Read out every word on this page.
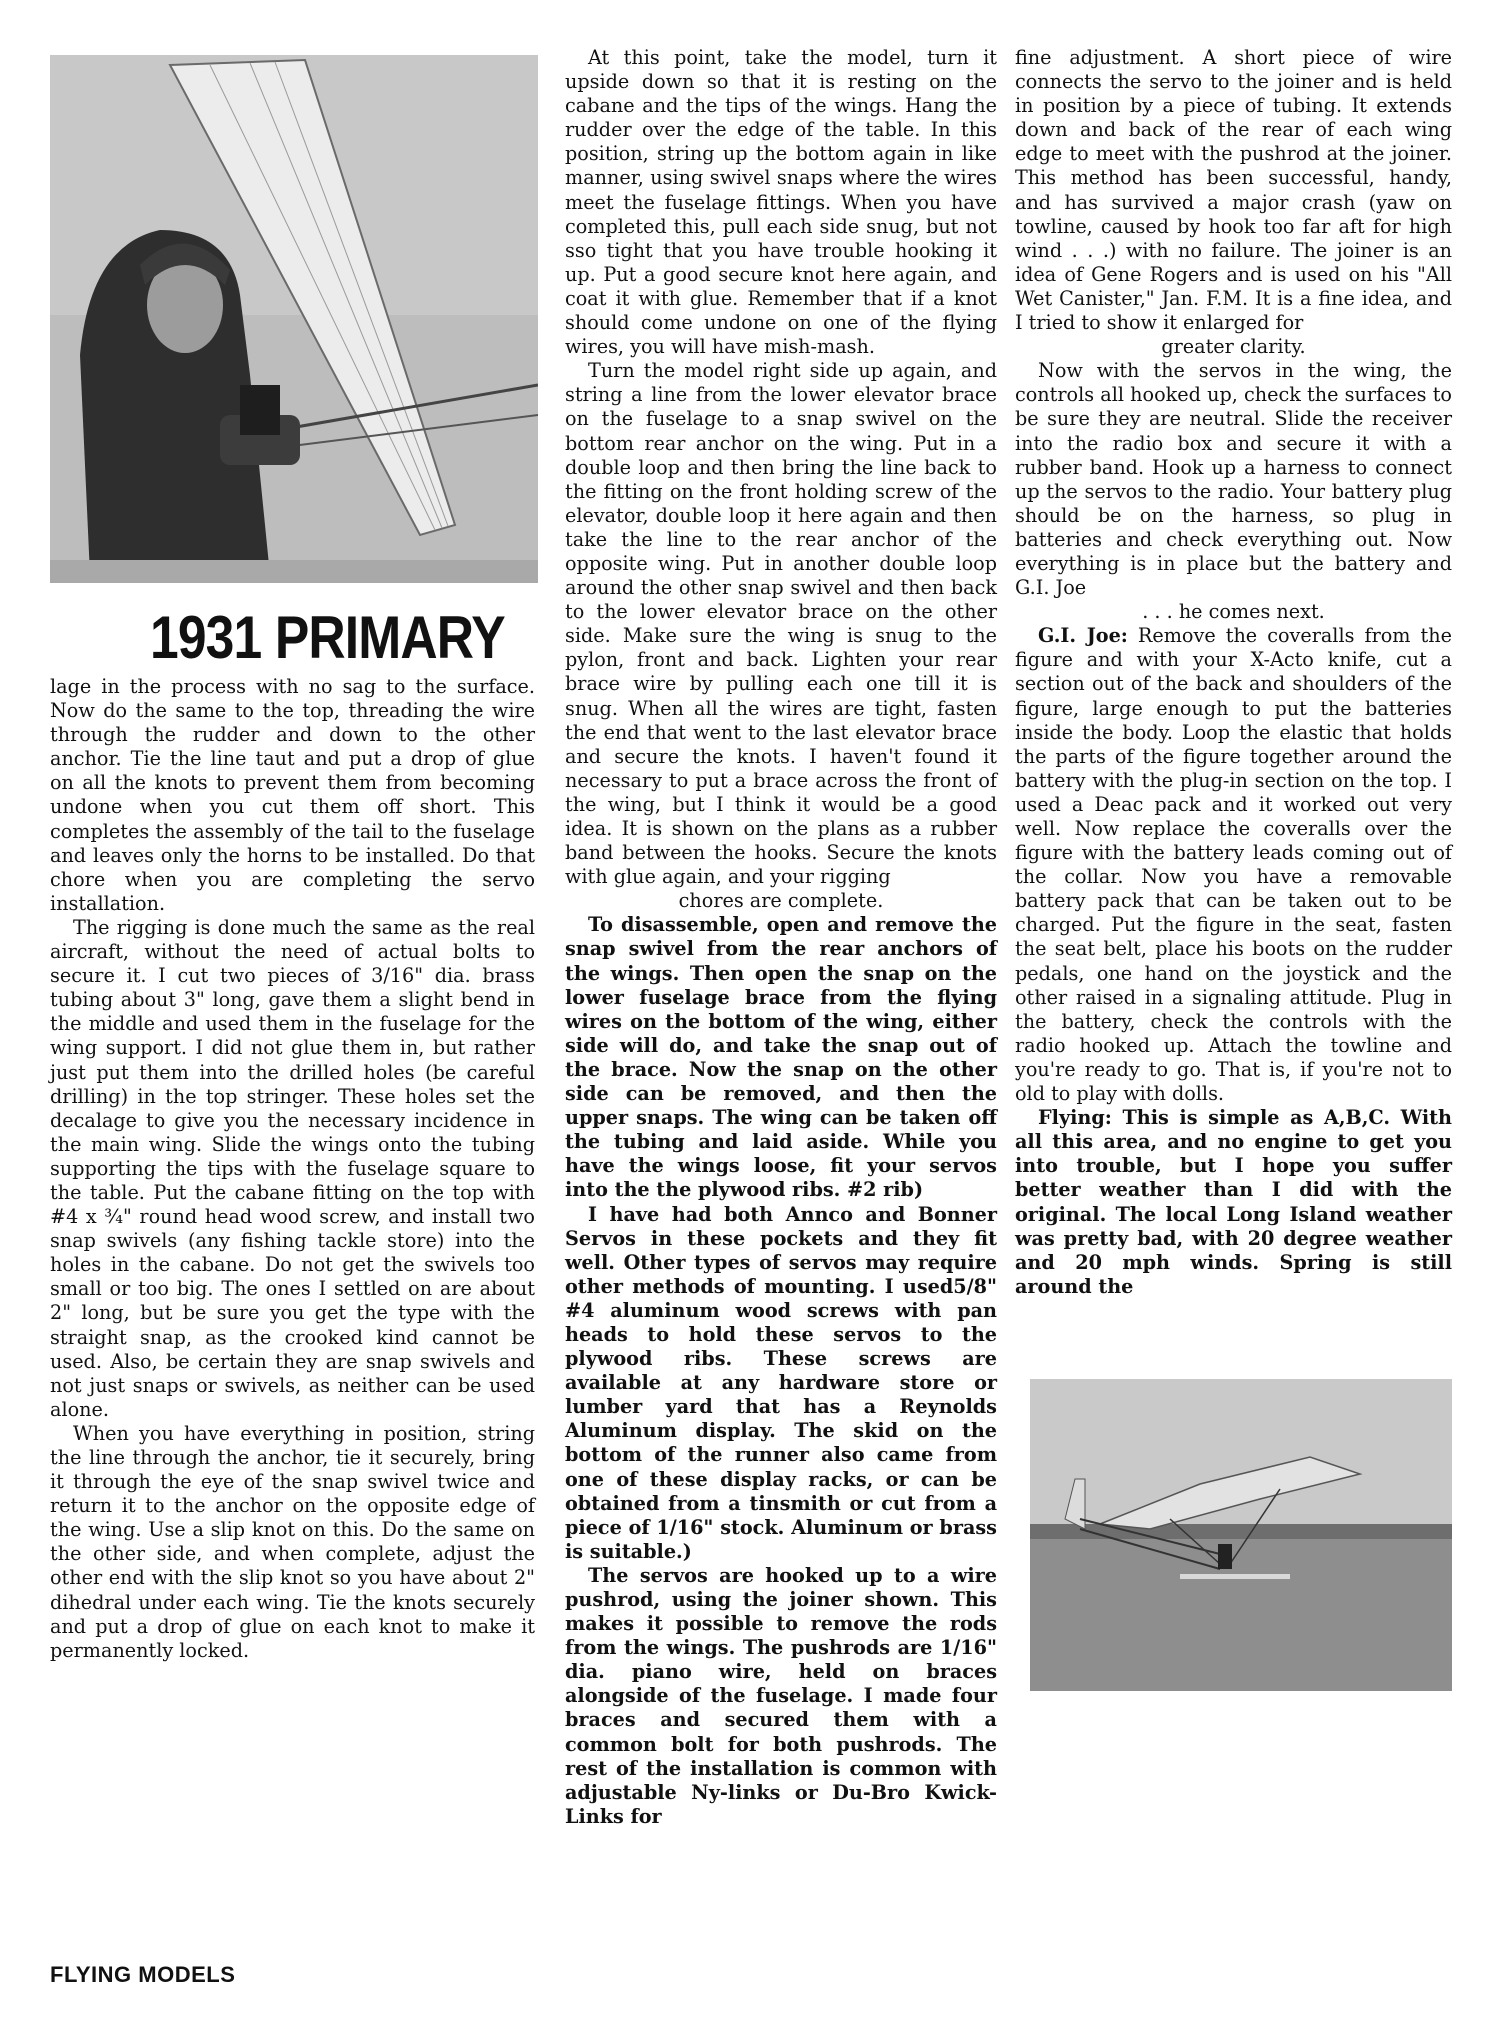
1931 PRIMARY

lage in the process with no sag to the surface. Now do the same to the top, threading the wire through the rudder and down to the other anchor. Tie the line taut and put a drop of glue on all the knots to prevent them from becoming undone when you cut them off short. This completes the assembly of the tail to the fuselage and leaves only the horns to be installed. Do that chore when you are completing the servo installation.

The rigging is done much the same as the real aircraft, without the need of actual bolts to secure it. I cut two pieces of 3/16" dia. brass tubing about 3" long, gave them a slight bend in the middle and used them in the fuselage for the wing support. I did not glue them in, but rather just put them into the drilled holes (be careful drilling) in the top stringer. These holes set the decalage to give you the necessary incidence in the main wing. Slide the wings onto the tubing supporting the tips with the fuselage square to the table. Put the cabane fitting on the top with #4 x ¾" round head wood screw, and install two snap swivels (any fishing tackle store) into the holes in the cabane. Do not get the swivels too small or too big. The ones I settled on are about 2" long, but be sure you get the type with the straight snap, as the crooked kind cannot be used. Also, be certain they are snap swivels and not just snaps or swivels, as neither can be used alone.

When you have everything in position, string the line through the anchor, tie it securely, bring it through the eye of the snap swivel twice and return it to the anchor on the opposite edge of the wing. Use a slip knot on this. Do the same on the other side, and when complete, adjust the other end with the slip knot so you have about 2" dihedral under each wing. Tie the knots securely and put a drop of glue on each knot to make it permanently locked.

At this point, take the model, turn it upside down so that it is resting on the cabane and the tips of the wings. Hang the rudder over the edge of the table. In this position, string up the bottom again in like manner, using swivel snaps where the wires meet the fuselage fittings. When you have completed this, pull each side snug, but not sso tight that you have trouble hooking it up. Put a good secure knot here again, and coat it with glue. Remember that if a knot should come undone on one of the flying wires, you will have mish-mash.

Turn the model right side up again, and string a line from the lower elevator brace on the fuselage to a snap swivel on the bottom rear anchor on the wing. Put in a double loop and then bring the line back to the fitting on the front holding screw of the elevator, double loop it here again and then take the line to the rear anchor of the opposite wing. Put in another double loop around the other snap swivel and then back to the lower elevator brace on the other side. Make sure the wing is snug to the pylon, front and back. Lighten your rear brace wire by pulling each one till it is snug. When all the wires are tight, fasten the end that went to the last elevator brace and secure the knots. I haven't found it necessary to put a brace across the front of the wing, but I think it would be a good idea. It is shown on the plans as a rubber band between the hooks. Secure the knots with glue again, and your rigging

chores are complete.

To disassemble, open and remove the snap swivel from the rear anchors of the wings. Then open the snap on the lower fuselage brace from the flying wires on the bottom of the wing, either side will do, and take the snap out of the brace. Now the snap on the other side can be removed, and then the upper snaps. The wing can be taken off the tubing and laid aside. While you have the wings loose, fit your servos into the the plywood ribs. #2 rib)

I have had both Annco and Bonner Servos in these pockets and they fit well. Other types of servos may require other methods of mounting. I used5/8" #4 aluminum wood screws with pan heads to hold these servos to the plywood ribs. These screws are available at any hardware store or lumber yard that has a Reynolds Aluminum display. The skid on the bottom of the runner also came from one of these display racks, or can be obtained from a tinsmith or cut from a piece of 1/16" stock. Aluminum or brass is suitable.)

The servos are hooked up to a wire pushrod, using the joiner shown. This makes it possible to remove the rods from the wings. The pushrods are 1/16" dia. piano wire, held on braces alongside of the fuselage. I made four braces and secured them with a common bolt for both pushrods. The rest of the installation is common with adjustable Ny-links or Du-Bro Kwick-Links for

fine adjustment. A short piece of wire connects the servo to the joiner and is held in position by a piece of tubing. It extends down and back of the rear of each wing edge to meet with the pushrod at the joiner. This method has been successful, handy, and has survived a major crash (yaw on towline, caused by hook too far aft for high wind . . .) with no failure. The joiner is an idea of Gene Rogers and is used on his "All Wet Canister," Jan. F.M. It is a fine idea, and I tried to show it enlarged for

greater clarity.

Now with the servos in the wing, the controls all hooked up, check the surfaces to be sure they are neutral. Slide the receiver into the radio box and secure it with a rubber band. Hook up a harness to connect up the servos to the radio. Your battery plug should be on the harness, so plug in batteries and check everything out. Now everything is in place but the battery and G.I. Joe

. . . he comes next.

G.I. Joe: Remove the coveralls from the figure and with your X-Acto knife, cut a section out of the back and shoulders of the figure, large enough to put the batteries inside the body. Loop the elastic that holds the parts of the figure together around the battery with the plug-in section on the top. I used a Deac pack and it worked out very well. Now replace the coveralls over the figure with the battery leads coming out of the collar. Now you have a removable battery pack that can be taken out to be charged. Put the figure in the seat, fasten the seat belt, place his boots on the rudder pedals, one hand on the joystick and the other raised in a signaling attitude. Plug in the battery, check the controls with the radio hooked up. Attach the towline and you're ready to go. That is, if you're not to old to play with dolls.

Flying: This is simple as A,B,C. With all this area, and no engine to get you into trouble, but I hope you suffer better weather than I did with the original. The local Long Island weather was pretty bad, with 20 degree weather and 20 mph winds. Spring is still around the

FLYING MODELS
